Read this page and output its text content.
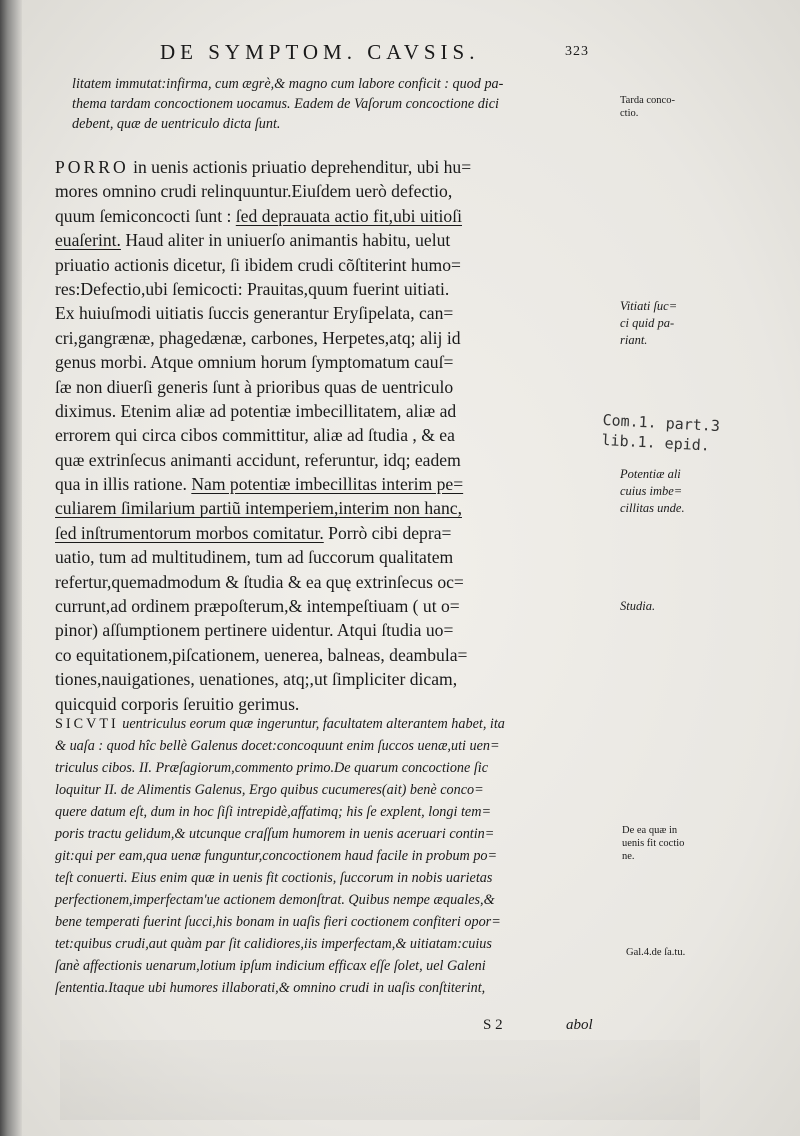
DE SYMPTOM. CAVSIS.	323
litatem immutat:infirma, cum ægrè,& magno cum labore conficit : quod pa-
thema tardam concoctionem uocamus. Eadem de Vaſorum concoctione dici
debent, quæ de uentriculo dicta ſunt.
PORRO in uenis actionis priuatio deprehenditur, ubi hu=
mores omnino crudi relinquuntur.Eiuſdem uerò defectio,
quum ſemiconcocti ſunt : ſed deprauata actio fit,ubi uitioſi
euaſerint. Haud aliter in uniuerſo animantis habitu, uelut
priuatio actionis dicetur, ſi ibidem crudi cõſtiterint humo=
res:Defectio,ubi ſemicocti: Prauitas,quum fuerint uitiati.
Ex huiuſmodi uitiatis ſuccis generantur Eryſipelata, can=
cri,gangrænæ, phagedænæ, carbones, Herpetes,atq; alij id
genus morbi. Atque omnium horum ſymptomatum cauſ=
ſæ non diuerſi generis ſunt à prioribus quas de uentriculo
diximus. Etenim aliæ ad potentiæ imbecillitatem, aliæ ad
errorem qui circa cibos committitur, aliæ ad ſtudia , & ea
quæ extrinſecus animanti accidunt, referuntur, idq; eadem
qua in illis ratione. Nam potentiæ imbecillitas interim pe=
culiarem ſimilarium partiũ intemperiem,interim non hanc,
ſed inſtrumentorum morbos comitatur. Porrò cibi depra=
uatio, tum ad multitudinem, tum ad ſuccorum qualitatem
refertur,quemadmodum & ſtudia & ea quę extrinſecus oc=
currunt,ad ordinem præpoſterum,& intempeſtiuam ( ut o=
pinor) aſſumptionem pertinere uidentur. Atqui ſtudia uo=
co equitationem,piſcationem, uenerea, balneas, deambula=
tiones,nauigationes, uenationes, atq;,ut ſimpliciter dicam,
quicquid corporis ſeruitio gerimus.
SICVTI uentriculus eorum quæ ingeruntur, facultatem alterantem habet, ita
& uaſa : quod hîc bellè Galenus docet:concoquunt enim ſuccos uenæ,uti uen=
triculus cibos. II. Præſagiorum,commento primo.De quarum concoctione ſic
loquitur II. de Alimentis Galenus, Ergo quibus cucumeres(ait) benè conco=
quere datum eſt, dum in hoc ſiſi intrepidè,affatimq; his ſe explent, longi tem=
poris tractu gelidum,& utcunque craſſum humorem in uenis aceruari contin=
git:qui per eam,qua uenæ funguntur,concoctionem haud facile in probum po=
teſt conuerti. Eius enim quæ in uenis fit coctionis, ſuccorum in nobis uarietas
perfectionem,imperfectam'ue actionem demonſtrat. Quibus nempe æquales,&
bene temperati fuerint ſucci,his bonam in uaſis fieri coctionem confiteri opor=
tet:quibus crudi,aut quàm par ſit calidiores,iis imperfectam,& uitiatam:cuius
ſanè affectionis uenarum,lotium ipſum indicium efficax eſſe ſolet, uel Galeni
ſententia.Itaque ubi humores illaborati,& omnino crudi in uaſis conſtiterint,
Tarda conco-
ctio.
Vitiati ſuc=
ci quid pa-
riant.
Potentiæ ali
cuius imbe=
cillitas unde.
Studia.
De ea quæ in
uenis fit coctio
ne.
Gal.4.de ſa.tu.
Com.1. part.3
lib.1. epid.
S 2	abol
